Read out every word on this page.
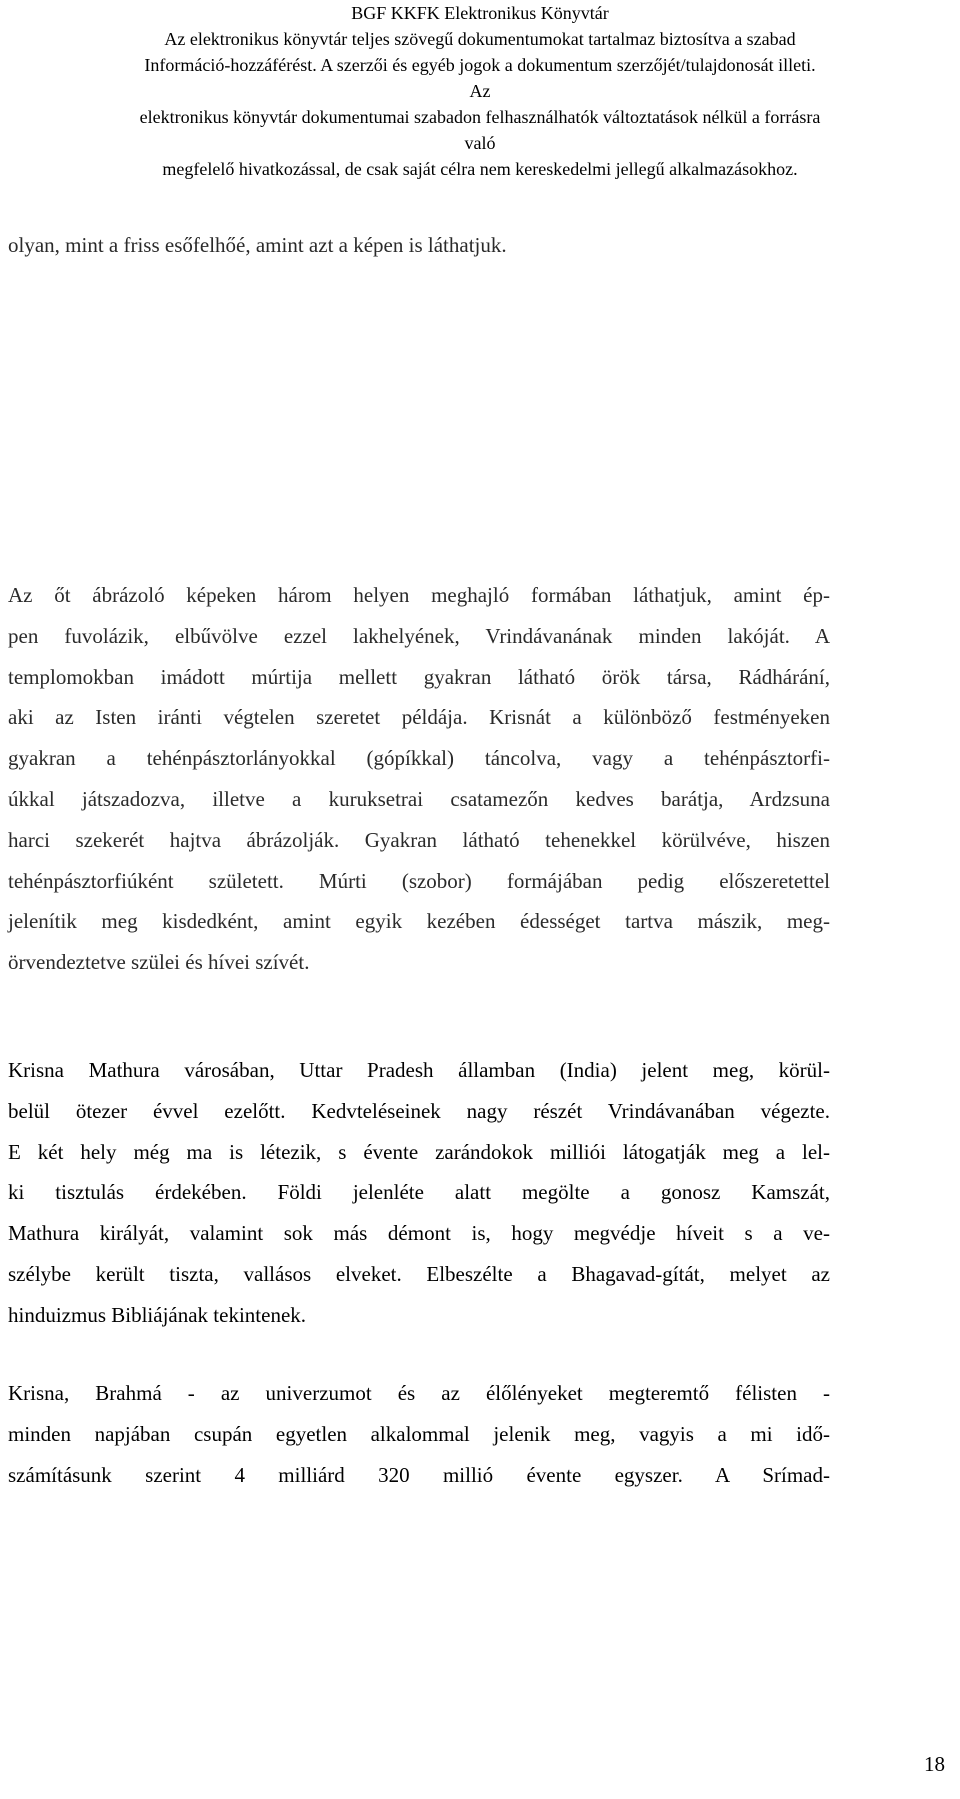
BGF KKFK Elektronikus Könyvtár
Az elektronikus könyvtár teljes szövegű dokumentumokat tartalmaz biztosítva a szabad
Információ-hozzáférést. A szerzői és egyéb jogok a dokumentum szerzőjét/tulajdonosát illeti.
Az
elektronikus könyvtár dokumentumai szabadon felhasználhatók változtatások nélkül a forrásra
való
megfelelő hivatkozással, de csak saját célra nem kereskedelmi jellegű alkalmazásokhoz.
olyan, mint a friss esőfelhőé, amint azt a képen is láthatjuk.
Az őt ábrázoló képeken három helyen meghajló formában láthatjuk, amint ép-
pen fuvolázik, elbűvölve ezzel lakhelyének, Vrindávanának minden lakóját. A
templomokban imádott múrtija mellett gyakran látható örök társa, Rádhárání,
aki az Isten iránti végtelen szeretet példája. Krisnát a különböző festményeken
gyakran a tehénpásztorlányokkal (gópíkkal) táncolva, vagy a tehénpásztorfi-
úkkal játszadozva, illetve a kuruksetrai csatamezőn kedves barátja, Ardzsuna
harci szekerét hajtva ábrázolják. Gyakran látható tehenekkel körülvéve, hiszen
tehénpásztorfiúként született. Múrti (szobor) formájában pedig előszeretettel
jelenítik meg kisdedként, amint egyik kezében édességet tartva mászik, meg-
örvendeztetve szülei és hívei szívét.
Krisna Mathura városában, Uttar Pradesh államban (India) jelent meg, körül-
belül ötezer évvel ezelőtt. Kedvteléseinek nagy részét Vrindávanában végezte.
E két hely még ma is létezik, s évente zarándokok milliói látogatják meg a lel-
ki tisztulás érdekében. Földi jelenléte alatt megölte a gonosz Kamszát,
Mathura királyát, valamint sok más démont is, hogy megvédje híveit s a ve-
szélybe került tiszta, vallásos elveket. Elbeszélte a Bhagavad-gítát, melyet az
hinduizmus Bibliájának tekintenek.
Krisna, Brahmá - az univerzumot és az élőlényeket megteremtő félisten -
minden napjában csupán egyetlen alkalommal jelenik meg, vagyis a mi idő-
számításunk szerint 4 milliárd 320 millió évente egyszer. A Srímad-
18
